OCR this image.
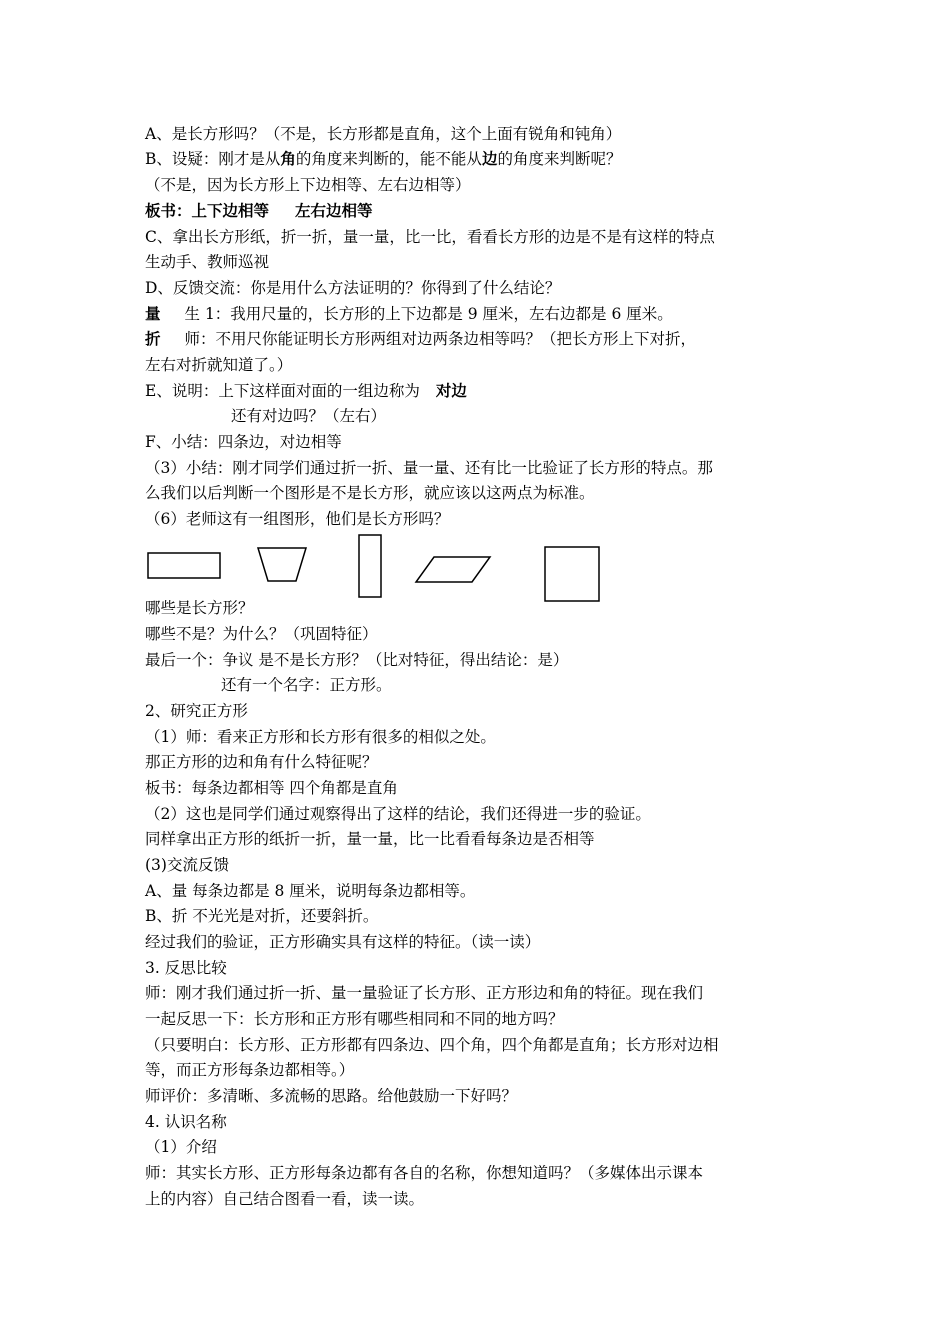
A、是长方形吗？（不是，长方形都是直角，这个上面有锐角和钝角）
B、设疑：刚才是从角的角度来判断的，能不能从边的角度来判断呢？
（不是，因为长方形上下边相等、左右边相等）
板书：上下边相等 左右边相等
C、拿出长方形纸，折一折，量一量，比一比，看看长方形的边是不是有这样的特点
生动手、教师巡视
D、反馈交流：你是用什么方法证明的？你得到了什么结论？
量 生 1：我用尺量的，长方形的上下边都是 9 厘米，左右边都是 6 厘米。
折 师：不用尺你能证明长方形两组对边两条边相等吗？（把长方形上下对折，
左右对折就知道了。）
E、说明：上下这样面对面的一组边称为 对边
还有对边吗？（左右）
F、小结：四条边，对边相等
（3）小结：刚才同学们通过折一折、量一量、还有比一比验证了长方形的特点。那
么我们以后判断一个图形是不是长方形，就应该以这两点为标准。
（6）老师这有一组图形，他们是长方形吗？
哪些是长方形？
哪些不是？为什么？（巩固特征）
最后一个：争议 是不是长方形？（比对特征，得出结论：是）
还有一个名字：正方形。
2、研究正方形
（1）师：看来正方形和长方形有很多的相似之处。
那正方形的边和角有什么特征呢？
板书：每条边都相等 四个角都是直角
（2）这也是同学们通过观察得出了这样的结论，我们还得进一步的验证。
同样拿出正方形的纸折一折，量一量，比一比看看每条边是否相等
(3)交流反馈
A、量 每条边都是 8 厘米，说明每条边都相等。
B、折 不光光是对折，还要斜折。
经过我们的验证，正方形确实具有这样的特征。（读一读）
3. 反思比较
师：刚才我们通过折一折、量一量验证了长方形、正方形边和角的特征。现在我们
一起反思一下：长方形和正方形有哪些相同和不同的地方吗？
（只要明白：长方形、正方形都有四条边、四个角，四个角都是直角；长方形对边相
等，而正方形每条边都相等。）
师评价：多清晰、多流畅的思路。给他鼓励一下好吗？
4. 认识名称
（1）介绍
师：其实长方形、正方形每条边都有各自的名称，你想知道吗？（多媒体出示课本
上的内容）自己结合图看一看，读一读。
